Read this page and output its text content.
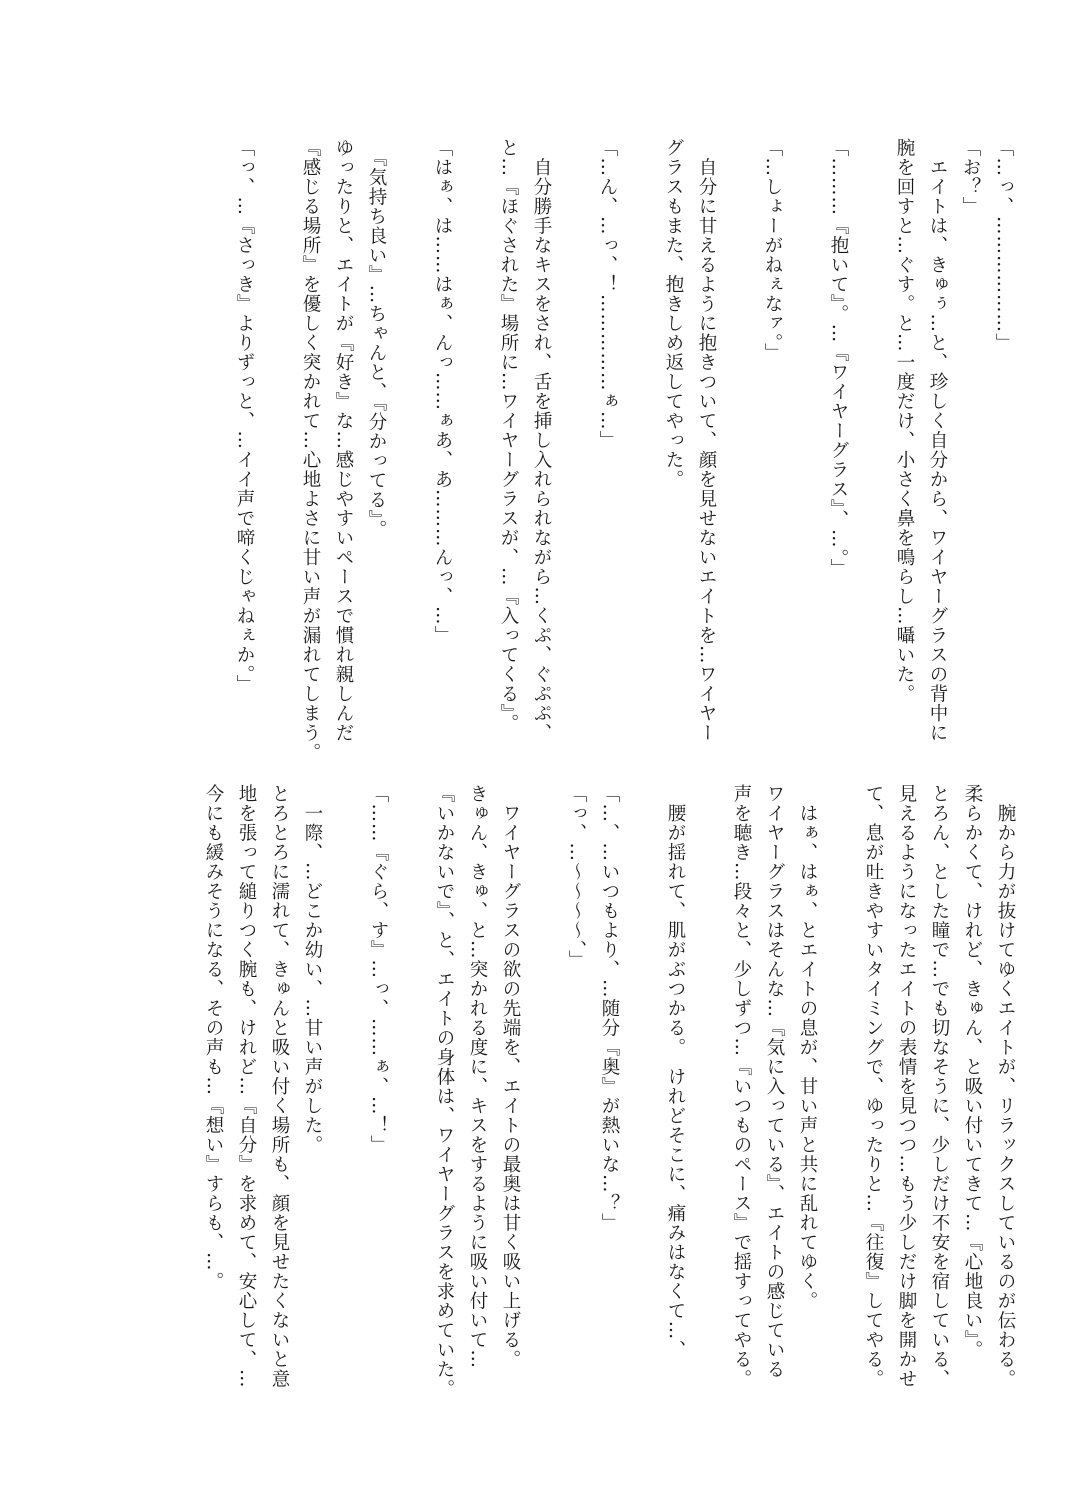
「…っ、………………」
「お？」
　エイトは、きゅぅ…と、珍しく自分から、ワイヤーグラスの背中に
腕を回すと…ぐす。と…一度だけ、小さく鼻を鳴らし…囁いた。

「………『抱いて』。…『ワイヤーグラス』、…。」

「…しょーがねぇなァ。」

　自分に甘えるように抱きついて、顔を見せないエイトを…ワイヤー
グラスもまた、抱きしめ返してやった。

「…ん、…っ、！……………ぁ…」

　自分勝手なキスをされ、舌を挿し入れられながら…くぷ、ぐぷぷ、
と…『ほぐされた』場所に…ワイヤーグラスが、…『入ってくる』。

「はぁ、は……はぁ、んっ……ぁあ、あ………んっ、…」

　『気持ち良い』…ちゃんと、『分かってる』。
ゆったりと、エイトが『好き』な…感じやすいペースで慣れ親しんだ
『感じる場所』を優しく突かれて…心地よさに甘い声が漏れてしまう。

「っ、…『さっき』よりずっと、…イイ声で啼くじゃねぇか。」
　腕から力が抜けてゆくエイトが、リラックスしているのが伝わる。
柔らかくて、けれど、きゅん、と吸い付いてきて…『心地良い』。
とろん、とした瞳で…でも切なそうに、少しだけ不安を宿している、
見えるようになったエイトの表情を見つつ…もう少しだけ脚を開かせ
て、息が吐きやすいタイミングで、ゆったりと…『往復』してやる。

　はぁ、はぁ、とエイトの息が、甘い声と共に乱れてゆく。
ワイヤーグラスはそんな…『気に入っている』、エイトの感じている
声を聴き…段々と、少しずつ…『いつものペース』で揺すってやる。

　腰が揺れて、肌がぶつかる。　けれどそこに、痛みはなくて…、

「…、…いつもより、…随分『奥』が熱いな…？」
「っ、…〜〜〜〜、」

　ワイヤーグラスの欲の先端を、エイトの最奥は甘く吸い上げる。
きゅん、きゅ、と…突かれる度に、キスをするように吸い付いて…
『いかないで』、と、エイトの身体は、ワイヤーグラスを求めていた。

「……『ぐら、す』…っ、……ぁ、…！」

　一際、…どこか幼い、…甘い声がした。
とろとろに濡れて、きゅんと吸い付く場所も、顔を見せたくないと意
地を張って縋りつく腕も、けれど…『自分』を求めて、安心して、…
今にも緩みそうになる、その声も…『想い』すらも、…。
